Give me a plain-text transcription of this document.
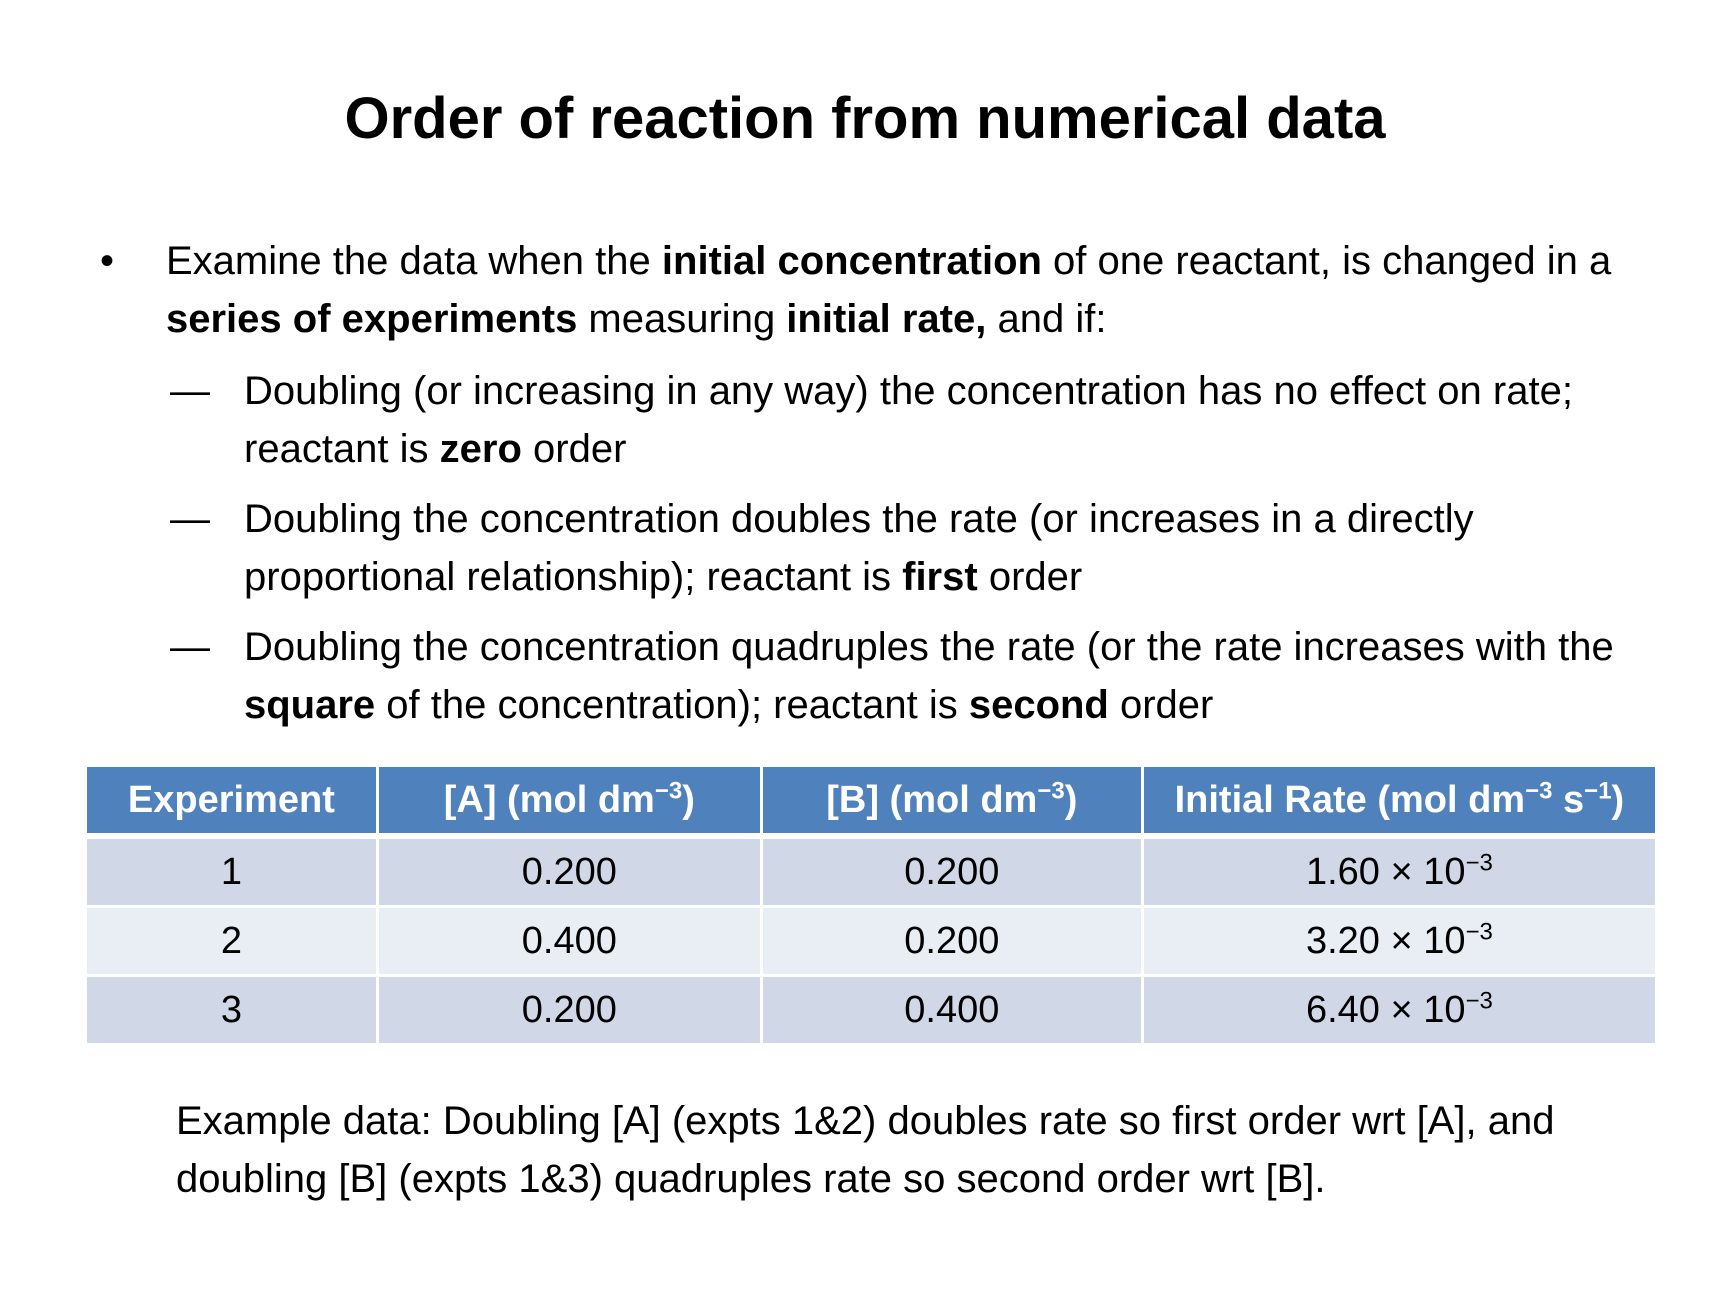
Order of reaction from numerical data
•	Examine the data when the initial concentration of one reactant, is changed in a series of experiments measuring initial rate, and if:
— Doubling (or increasing in any way) the concentration has no effect on rate; reactant is zero order
— Doubling the concentration doubles the rate (or increases in a directly proportional relationship); reactant is first order
— Doubling the concentration quadruples the rate (or the rate increases with the square of the concentration); reactant is second order
Experiment	[A] (mol $dm^{-3}$)	[B] (mol $dm^{-3}$)	Initial Rate (mol $dm^{-3}$ $s^{-1}$)
1	0.200	0.200	$1.60 \times 10^{-3}$
2	0.400	0.200	$3.20 \times 10^{-3}$
3	0.200	0.400	$6.40 \times 10^{-3}$
Example data: Doubling [A] (expts 1&2) doubles rate so first order wrt [A], and doubling [B] (expts 1&3) quadruples rate so second order wrt [B].
